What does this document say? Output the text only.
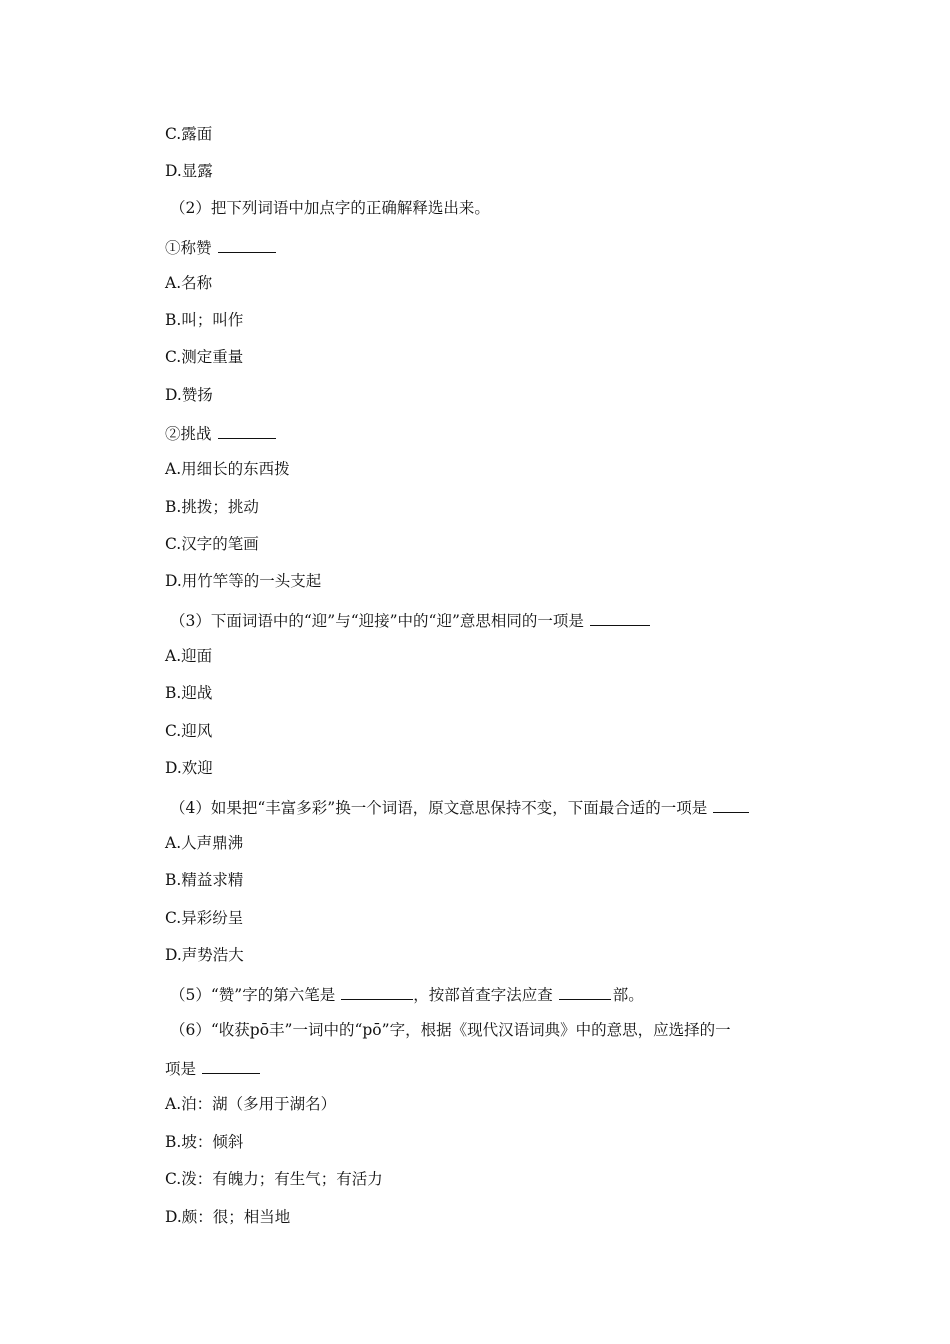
C.露面
D.显露
（2）把下列词语中加点字的正确解释选出来。
①称赞
A.名称
B.叫；叫作
C.测定重量
D.赞扬
②挑战
A.用细长的东西拨
B.挑拨；挑动
C.汉字的笔画
D.用竹竿等的一头支起
（3）下面词语中的“迎”与“迎接”中的“迎”意思相同的一项是
A.迎面
B.迎战
C.迎风
D.欢迎
（4）如果把“丰富多彩”换一个词语，原文意思保持不变，下面最合适的一项是
A.人声鼎沸
B.精益求精
C.异彩纷呈
D.声势浩大
（5）“赞”字的第六笔是	，按部首查字法应查	部。
（6）“收获pō丰”一词中的“pō”字，根据《现代汉语词典》中的意思，应选择的一
项是
A.泊：湖（多用于湖名）
B.坡：倾斜
C.泼：有魄力；有生气；有活力
D.颇：很；相当地
